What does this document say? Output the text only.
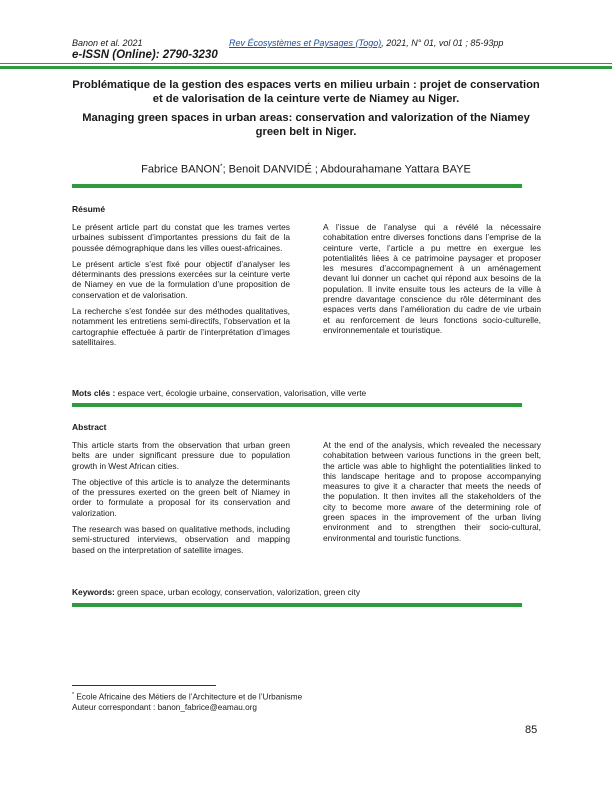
Banon et al. 2021	Rev Écosystèmes et Paysages (Togo), 2021, N° 01, vol 01 ; 85-93pp
e-ISSN (Online): 2790-3230
Problématique de la gestion des espaces verts en milieu urbain : projet de conservation et de valorisation de la ceinture verte de Niamey au Niger.
Managing green spaces in urban areas: conservation and valorization of the Niamey green belt in Niger.
Fabrice BANON*; Benoit DANVIDÉ ; Abdourahamane Yattara BAYE
Résumé

Le présent article part du constat que les trames vertes urbaines subissent d’importantes pressions du fait de la poussée démographique dans les villes ouest-africaines.

Le présent article s’est fixé pour objectif d’analyser les déterminants des pressions exercées sur la ceinture verte de Niamey en vue de la formulation d’une proposition de conservation et de valorisation.

La recherche s’est fondée sur des méthodes qualitatives, notamment les entretiens semi-directifs, l’observation et la cartographie effectuée à partir de l’interprétation d’images satellitaires.

A l’issue de l’analyse qui a révélé la nécessaire cohabitation entre diverses fonctions dans l’emprise de la ceinture verte, l’article a pu mettre en exergue les potentialités liées à ce patrimoine paysager et proposer les mesures d’accompagnement à un aménagement devant lui donner un cachet qui répond aux besoins de la population. Il invite ensuite tous les acteurs de la ville à prendre davantage conscience du rôle déterminant des espaces verts dans l’amélioration du cadre de vie urbain et au renforcement de leurs fonctions socio-culturelle, environnementale et touristique.

Mots clés : espace vert, écologie urbaine, conservation, valorisation, ville verte
Abstract

This article starts from the observation that urban green belts are under significant pressure due to population growth in West African cities.

The objective of this article is to analyze the determinants of the pressures exerted on the green belt of Niamey in order to formulate a proposal for its conservation and valorization.

The research was based on qualitative methods, including semi-structured interviews, observation and mapping based on the interpretation of satellite images.

At the end of the analysis, which revealed the necessary cohabitation between various functions in the green belt, the article was able to highlight the potentialities linked to this landscape heritage and to propose accompanying measures to give it a character that meets the needs of the population. It then invites all the stakeholders of the city to become more aware of the determining role of green spaces in the improvement of the urban living environment and to strengthen their socio-cultural, environmental and touristic functions.

Keywords: green space, urban ecology, conservation, valorization, green city
* Ecole Africaine des Métiers de l’Architecture et de l’Urbanisme
Auteur correspondant : banon_fabrice@eamau.org
85
